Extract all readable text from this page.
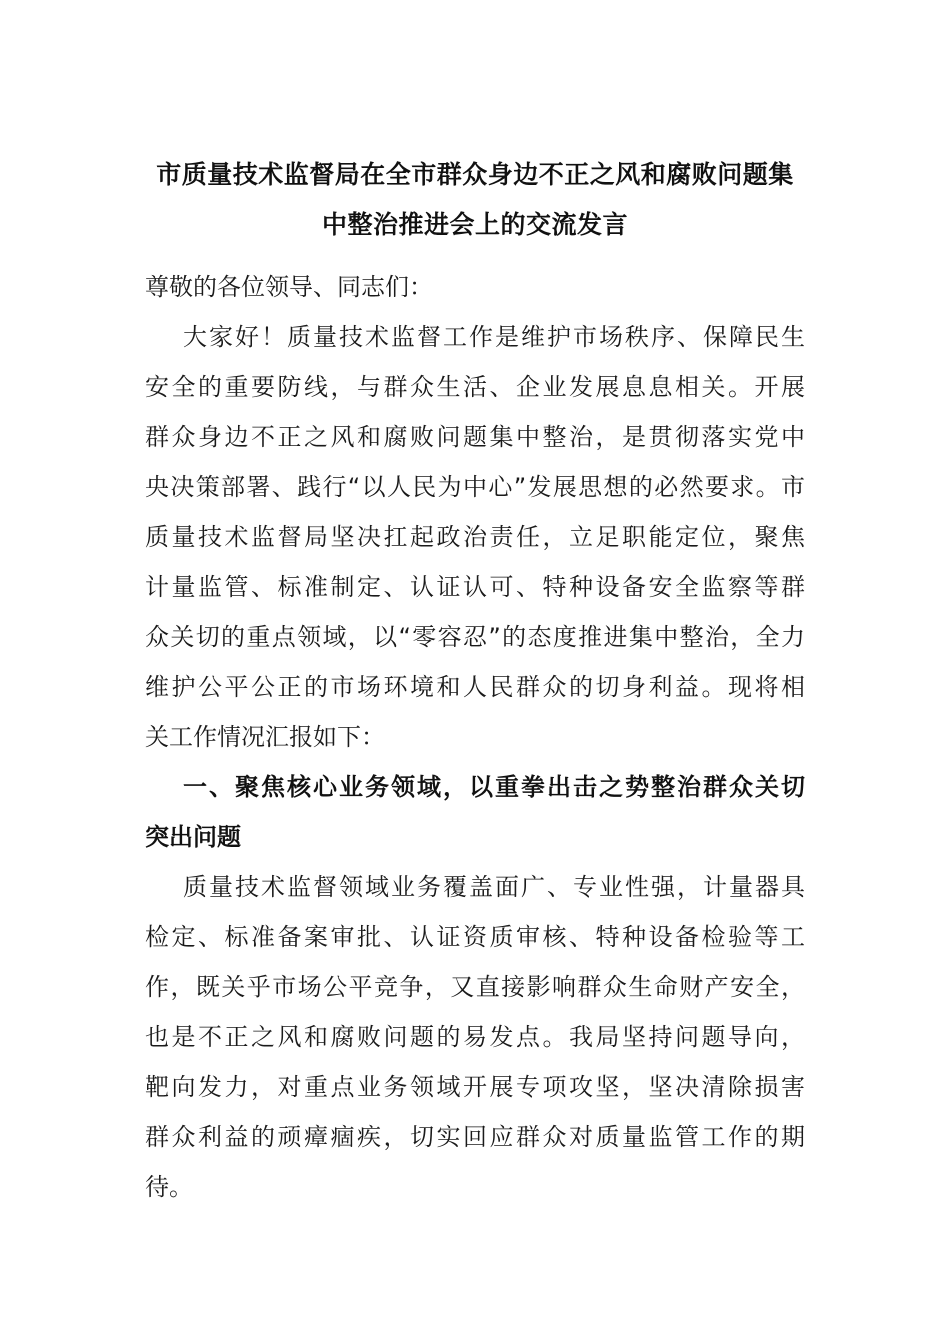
市质量技术监督局在全市群众身边不正之风和腐败问题集
中整治推进会上的交流发言
尊敬的各位领导、同志们：
大家好！质量技术监督工作是维护市场秩序、保障民生
安全的重要防线，与群众生活、企业发展息息相关。开展
群众身边不正之风和腐败问题集中整治，是贯彻落实党中
央决策部署、践行“以人民为中心”发展思想的必然要求。市
质量技术监督局坚决扛起政治责任，立足职能定位，聚焦
计量监管、标准制定、认证认可、特种设备安全监察等群
众关切的重点领域，以“零容忍”的态度推进集中整治，全力
维护公平公正的市场环境和人民群众的切身利益。现将相
关工作情况汇报如下：
一、聚焦核心业务领域，以重拳出击之势整治群众关切
突出问题
质量技术监督领域业务覆盖面广、专业性强，计量器具
检定、标准备案审批、认证资质审核、特种设备检验等工
作，既关乎市场公平竞争，又直接影响群众生命财产安全，
也是不正之风和腐败问题的易发点。我局坚持问题导向，
靶向发力，对重点业务领域开展专项攻坚，坚决清除损害
群众利益的顽瘴痼疾，切实回应群众对质量监管工作的期
待。
